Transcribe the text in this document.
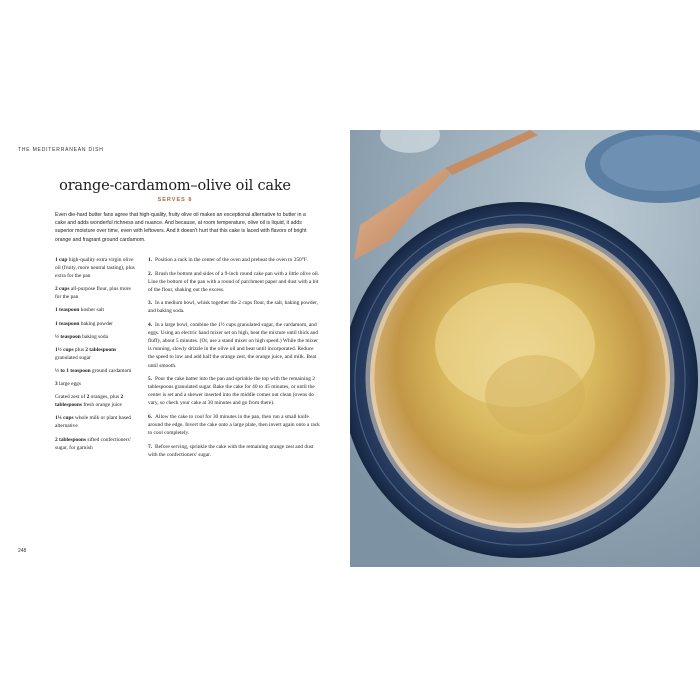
THE MEDITERRANEAN DISH
orange-cardamom–olive oil cake
SERVES 8

Even die-hard butter fans agree that high-quality, fruity olive oil makes an exceptional alternative to butter in a cake and adds wonderful richness and nuance. And because, at room temperature, olive oil is liquid, it adds superior moisture over time, even with leftovers. And it doesn't hurt that this cake is laced with flavors of bright orange and fragrant ground cardamom.

1 cup high-quality extra virgin olive oil (fruity, more neutral tasting), plus extra for the pan
2 cups all-purpose flour, plus more for the pan
1 teaspoon kosher salt
1 teaspoon baking powder
½ teaspoon baking soda
1½ cups plus 2 tablespoons granulated sugar
½ to 1 teaspoon ground cardamom
3 large eggs
Grated zest of 2 oranges, plus 2 tablespoons fresh orange juice
1¼ cups whole milk or plant based alternative
2 tablespoons sifted confectioners' sugar, for garnish
1. Position a rack in the center of the oven and preheat the oven to 350°F.
2. Brush the bottom and sides of a 9-inch round cake pan with a little olive oil. Line the bottom of the pan with a round of parchment paper and dust with a bit of the flour, shaking out the excess.
3. In a medium bowl, whisk together the 2 cups flour, the salt, baking powder, and baking soda.
4. In a large bowl, combine the 1½ cups granulated sugar, the cardamom, and eggs. Using an electric hand mixer set on high, beat the mixture until thick and fluffy, about 5 minutes. (Or, use a stand mixer on high speed.) While the mixer is running, slowly drizzle in the olive oil and beat until incorporated. Reduce the speed to low and add half the orange zest, the orange juice, and milk. Beat until smooth.
5. Pour the cake batter into the pan and sprinkle the top with the remaining 2 tablespoons granulated sugar. Bake the cake for 40 to 45 minutes, or until the center is set and a skewer inserted into the middle comes out clean (ovens do vary, so check your cake at 30 minutes and go from there).
6. Allow the cake to cool for 30 minutes in the pan, then run a small knife around the edge. Invert the cake onto a large plate, then invert again onto a rack to cool completely.
7. Before serving, sprinkle the cake with the remaining orange zest and dust with the confectioners' sugar.
248
